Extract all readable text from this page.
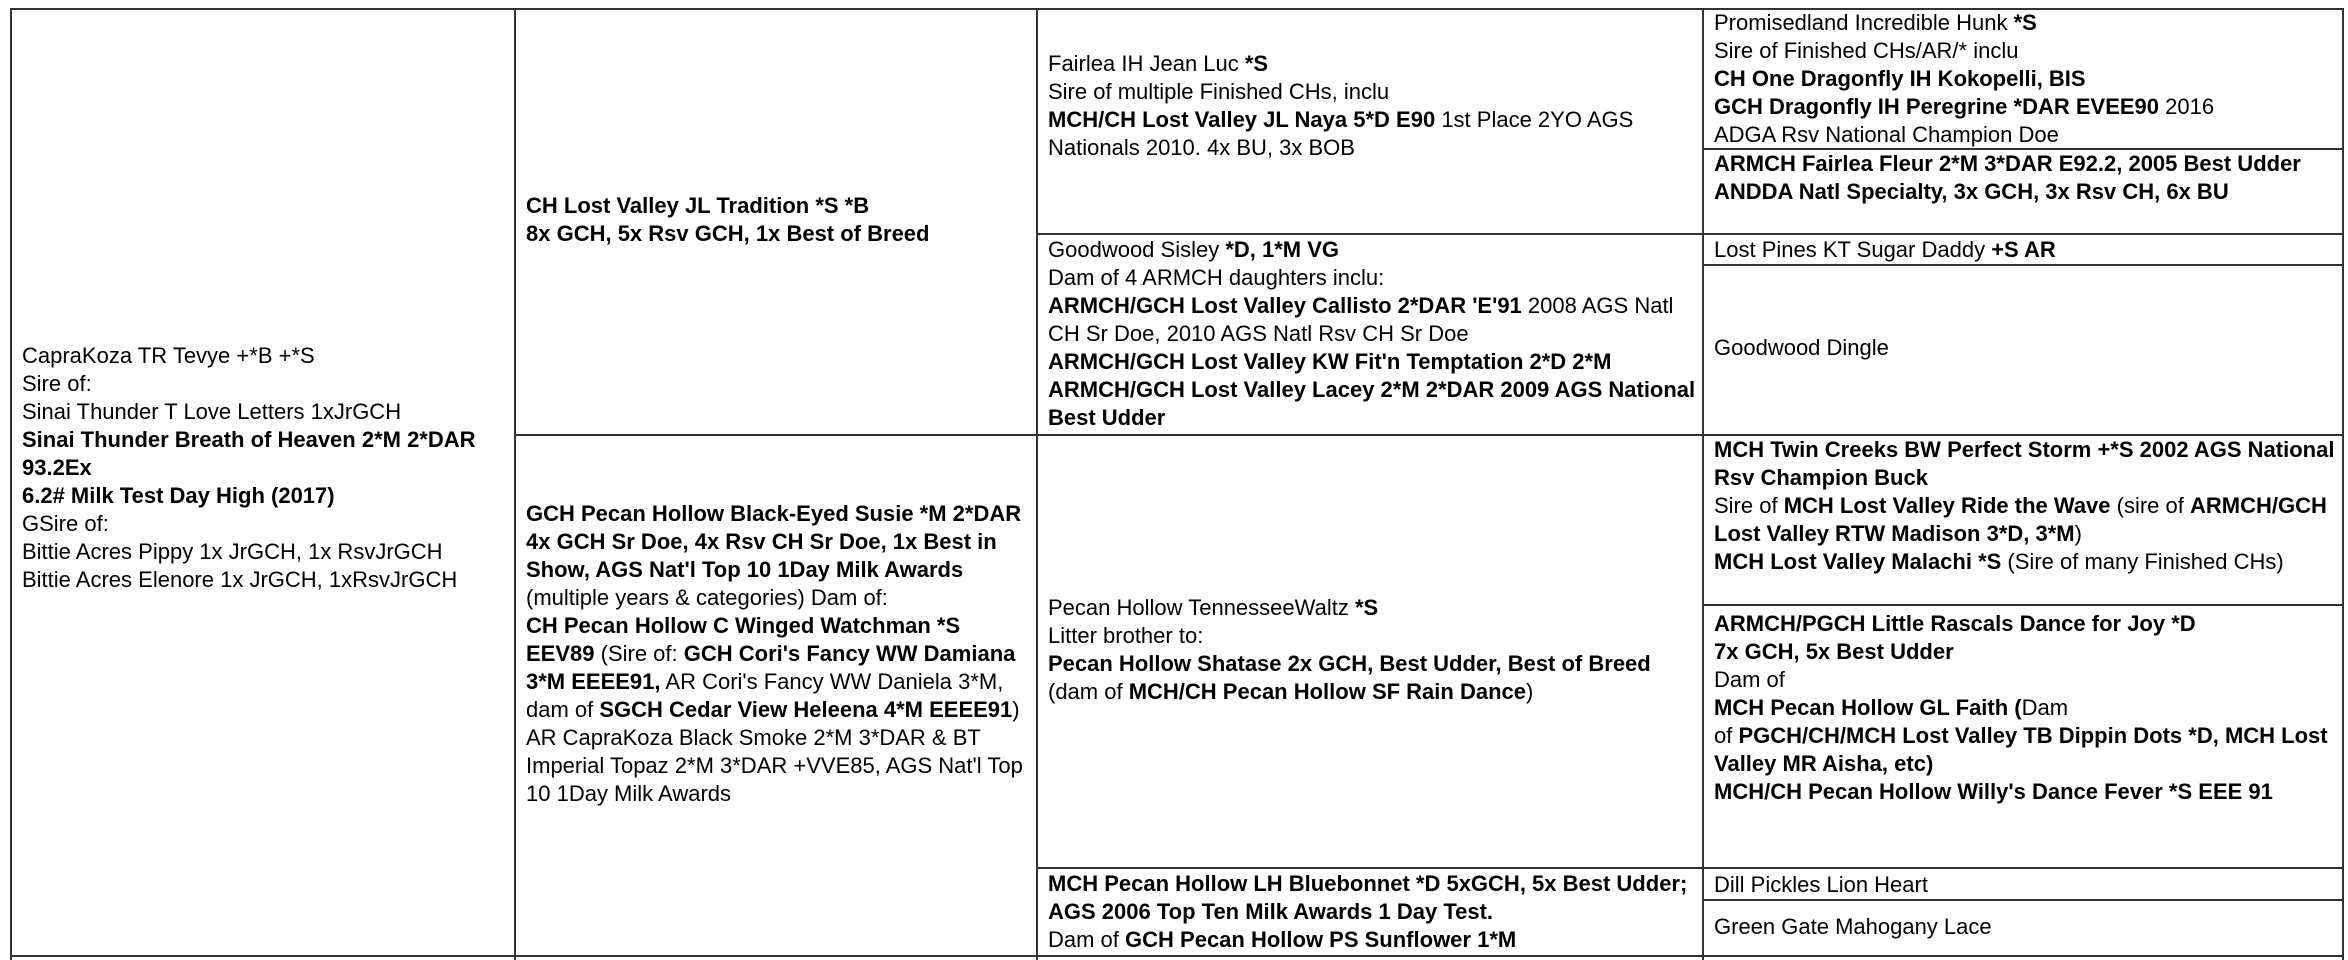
CapraKoza TR Tevye +*B +*S
Sire of:
Sinai Thunder T Love Letters 1xJrGCH
Sinai Thunder Breath of Heaven 2*M 2*DAR 93.2Ex
6.2# Milk Test Day High (2017)
GSire of:
Bittie Acres Pippy 1x JrGCH, 1x RsvJrGCH
Bittie Acres Elenore 1x JrGCH, 1xRsvJrGCH
CH Lost Valley JL Tradition *S *B
8x GCH, 5x Rsv GCH, 1x Best of Breed
GCH Pecan Hollow Black-Eyed Susie *M 2*DAR
4x GCH Sr Doe, 4x Rsv CH Sr Doe, 1x Best in Show, AGS Nat'l Top 10 1Day Milk Awards (multiple years & categories) Dam of:
CH Pecan Hollow C Winged Watchman *S EEV89 (Sire of: GCH Cori's Fancy WW Damiana 3*M EEEE91, AR Cori's Fancy WW Daniela 3*M, dam of SGCH Cedar View Heleena 4*M EEEE91)
AR CapraKoza Black Smoke 2*M 3*DAR & BT Imperial Topaz 2*M 3*DAR +VVE85, AGS Nat'l Top 10 1Day Milk Awards
Fairlea IH Jean Luc *S
Sire of multiple Finished CHs, inclu
MCH/CH Lost Valley JL Naya 5*D E90 1st Place 2YO AGS Nationals 2010. 4x BU, 3x BOB
Goodwood Sisley *D, 1*M VG
Dam of 4 ARMCH daughters inclu:
ARMCH/GCH Lost Valley Callisto 2*DAR 'E'91 2008 AGS Natl CH Sr Doe, 2010 AGS Natl Rsv CH Sr Doe
ARMCH/GCH Lost Valley KW Fit'n Temptation 2*D 2*M
ARMCH/GCH Lost Valley Lacey 2*M 2*DAR 2009 AGS National Best Udder
Pecan Hollow TennesseeWaltz *S
Litter brother to:
Pecan Hollow Shatase 2x GCH, Best Udder, Best of Breed (dam of MCH/CH Pecan Hollow SF Rain Dance)
MCH Pecan Hollow LH Bluebonnet *D 5xGCH, 5x Best Udder; AGS 2006 Top Ten Milk Awards 1 Day Test.
Dam of GCH Pecan Hollow PS Sunflower 1*M
Promisedland Incredible Hunk *S
Sire of Finished CHs/AR/* inclu
CH One Dragonfly IH Kokopelli, BIS
GCH Dragonfly IH Peregrine *DAR EVEE90 2016
ADGA Rsv National Champion Doe
ARMCH Fairlea Fleur 2*M 3*DAR E92.2, 2005 Best Udder ANDDA Natl Specialty, 3x GCH, 3x Rsv CH, 6x BU
Lost Pines KT Sugar Daddy +S AR
Goodwood Dingle
MCH Twin Creeks BW Perfect Storm +*S 2002 AGS National Rsv Champion Buck
Sire of MCH Lost Valley Ride the Wave (sire of ARMCH/GCH Lost Valley RTW Madison 3*D, 3*M)
MCH Lost Valley Malachi *S (Sire of many Finished CHs)
ARMCH/PGCH Little Rascals Dance for Joy *D
7x GCH, 5x Best Udder
Dam of
MCH Pecan Hollow GL Faith (Dam
of PGCH/CH/MCH Lost Valley TB Dippin Dots *D, MCH Lost Valley MR Aisha, etc)
MCH/CH Pecan Hollow Willy's Dance Fever *S EEE 91
Dill Pickles Lion Heart
Green Gate Mahogany Lace
